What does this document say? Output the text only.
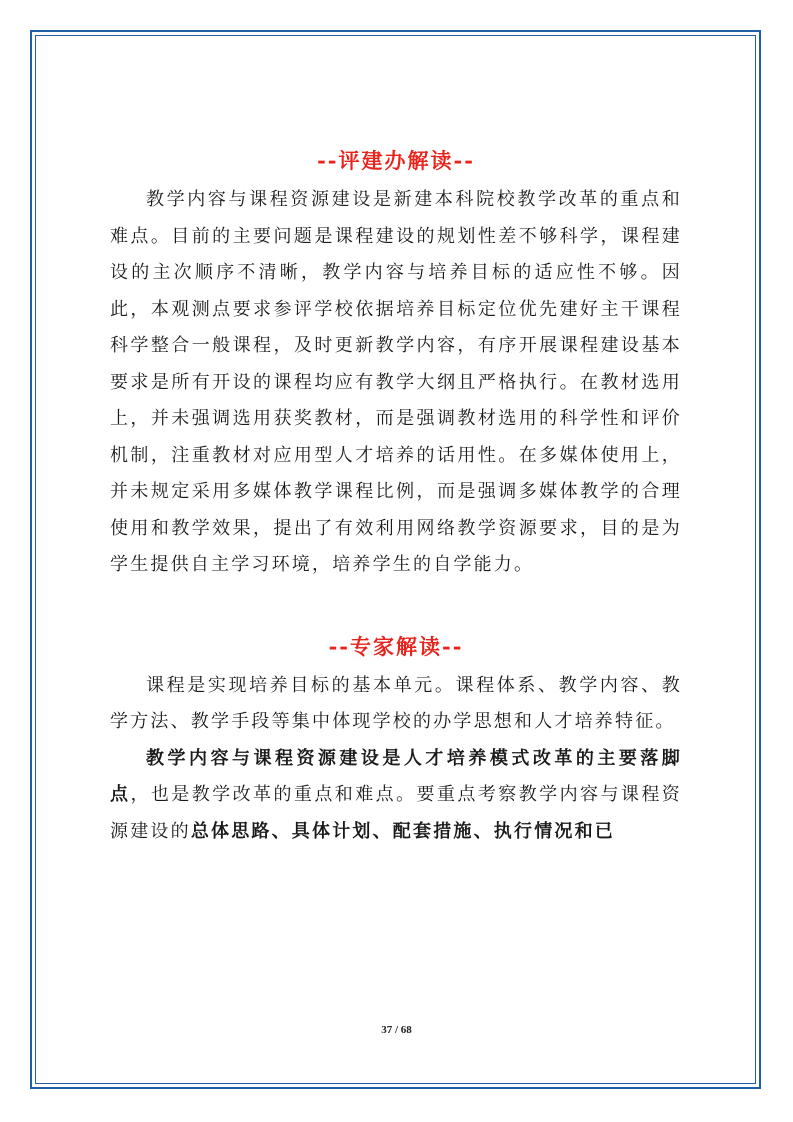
--评建办解读--

教学内容与课程资源建设是新建本科院校教学改革的重点和难点。目前的主要问题是课程建设的规划性差不够科学，课程建设的主次顺序不清晰，教学内容与培养目标的适应性不够。因此，本观测点要求参评学校依据培养目标定位优先建好主干课程科学整合一般课程，及时更新教学内容，有序开展课程建设基本要求是所有开设的课程均应有教学大纲且严格执行。在教材选用上，并未强调选用获奖教材，而是强调教材选用的科学性和评价机制，注重教材对应用型人才培养的话用性。在多媒体使用上，并未规定采用多媒体教学课程比例，而是强调多媒体教学的合理使用和教学效果，提出了有效利用网络教学资源要求，目的是为学生提供自主学习环境，培养学生的自学能力。

--专家解读--

课程是实现培养目标的基本单元。课程体系、教学内容、教学方法、教学手段等集中体现学校的办学思想和人才培养特征。

教学内容与课程资源建设是人才培养模式改革的主要落脚点，也是教学改革的重点和难点。要重点考察教学内容与课程资源建设的总体思路、具体计划、配套措施、执行情况和已

37 / 68
